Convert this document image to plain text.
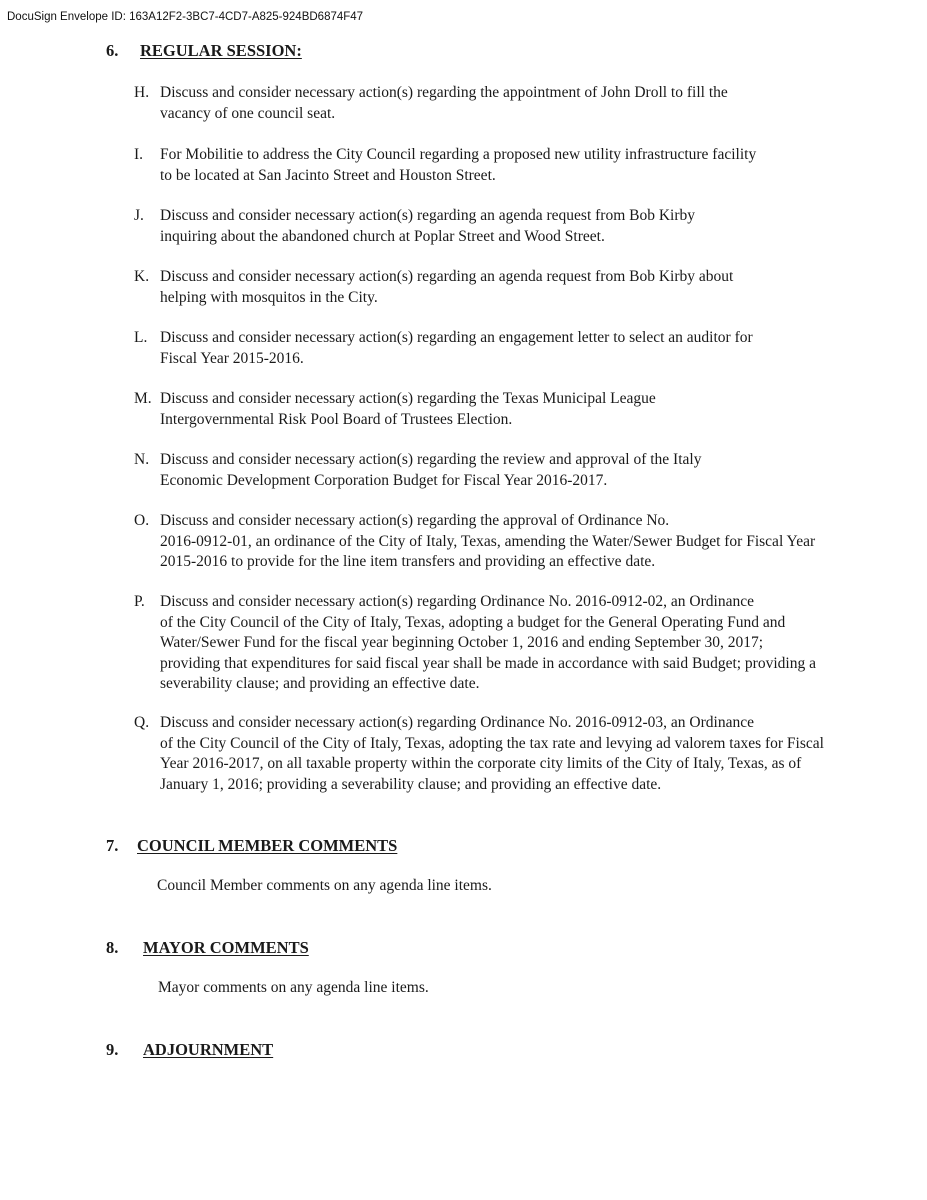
DocuSign Envelope ID: 163A12F2-3BC7-4CD7-A825-924BD6874F47
6. REGULAR SESSION:
H. Discuss and consider necessary action(s) regarding the appointment of John Droll to fill the
vacancy of one council seat.
I. For Mobilitie to address the City Council regarding a proposed new utility infrastructure facility
to be located at San Jacinto Street and Houston Street.
J. Discuss and consider necessary action(s) regarding an agenda request from Bob Kirby
inquiring about the abandoned church at Poplar Street and Wood Street.
K. Discuss and consider necessary action(s) regarding an agenda request from Bob Kirby about
helping with mosquitos in the City.
L. Discuss and consider necessary action(s) regarding an engagement letter to select an auditor for
Fiscal Year 2015-2016.
M. Discuss and consider necessary action(s) regarding the Texas Municipal League
Intergovernmental Risk Pool Board of Trustees Election.
N. Discuss and consider necessary action(s) regarding the review and approval of the Italy
Economic Development Corporation Budget for Fiscal Year 2016-2017.
O. Discuss and consider necessary action(s) regarding the approval of Ordinance No.
2016-0912-01, an ordinance of the City of Italy, Texas, amending the Water/Sewer Budget for Fiscal Year 2015-2016 to provide for the line item transfers and providing an effective date.
P. Discuss and consider necessary action(s) regarding Ordinance No. 2016-0912-02, an Ordinance
of the City Council of the City of Italy, Texas, adopting a budget for the General Operating Fund and Water/Sewer Fund for the fiscal year beginning October 1, 2016 and ending September 30, 2017; providing that expenditures for said fiscal year shall be made in accordance with said Budget; providing a severability clause; and providing an effective date.
Q. Discuss and consider necessary action(s) regarding Ordinance No. 2016-0912-03, an Ordinance
of the City Council of the City of Italy, Texas, adopting the tax rate and levying ad valorem taxes for Fiscal Year 2016-2017, on all taxable property within the corporate city limits of the City of Italy, Texas, as of January 1, 2016; providing a severability clause; and providing an effective date.
7. COUNCIL MEMBER COMMENTS
Council Member comments on any agenda line items.
8. MAYOR COMMENTS
Mayor comments on any agenda line items.
9. ADJOURNMENT
